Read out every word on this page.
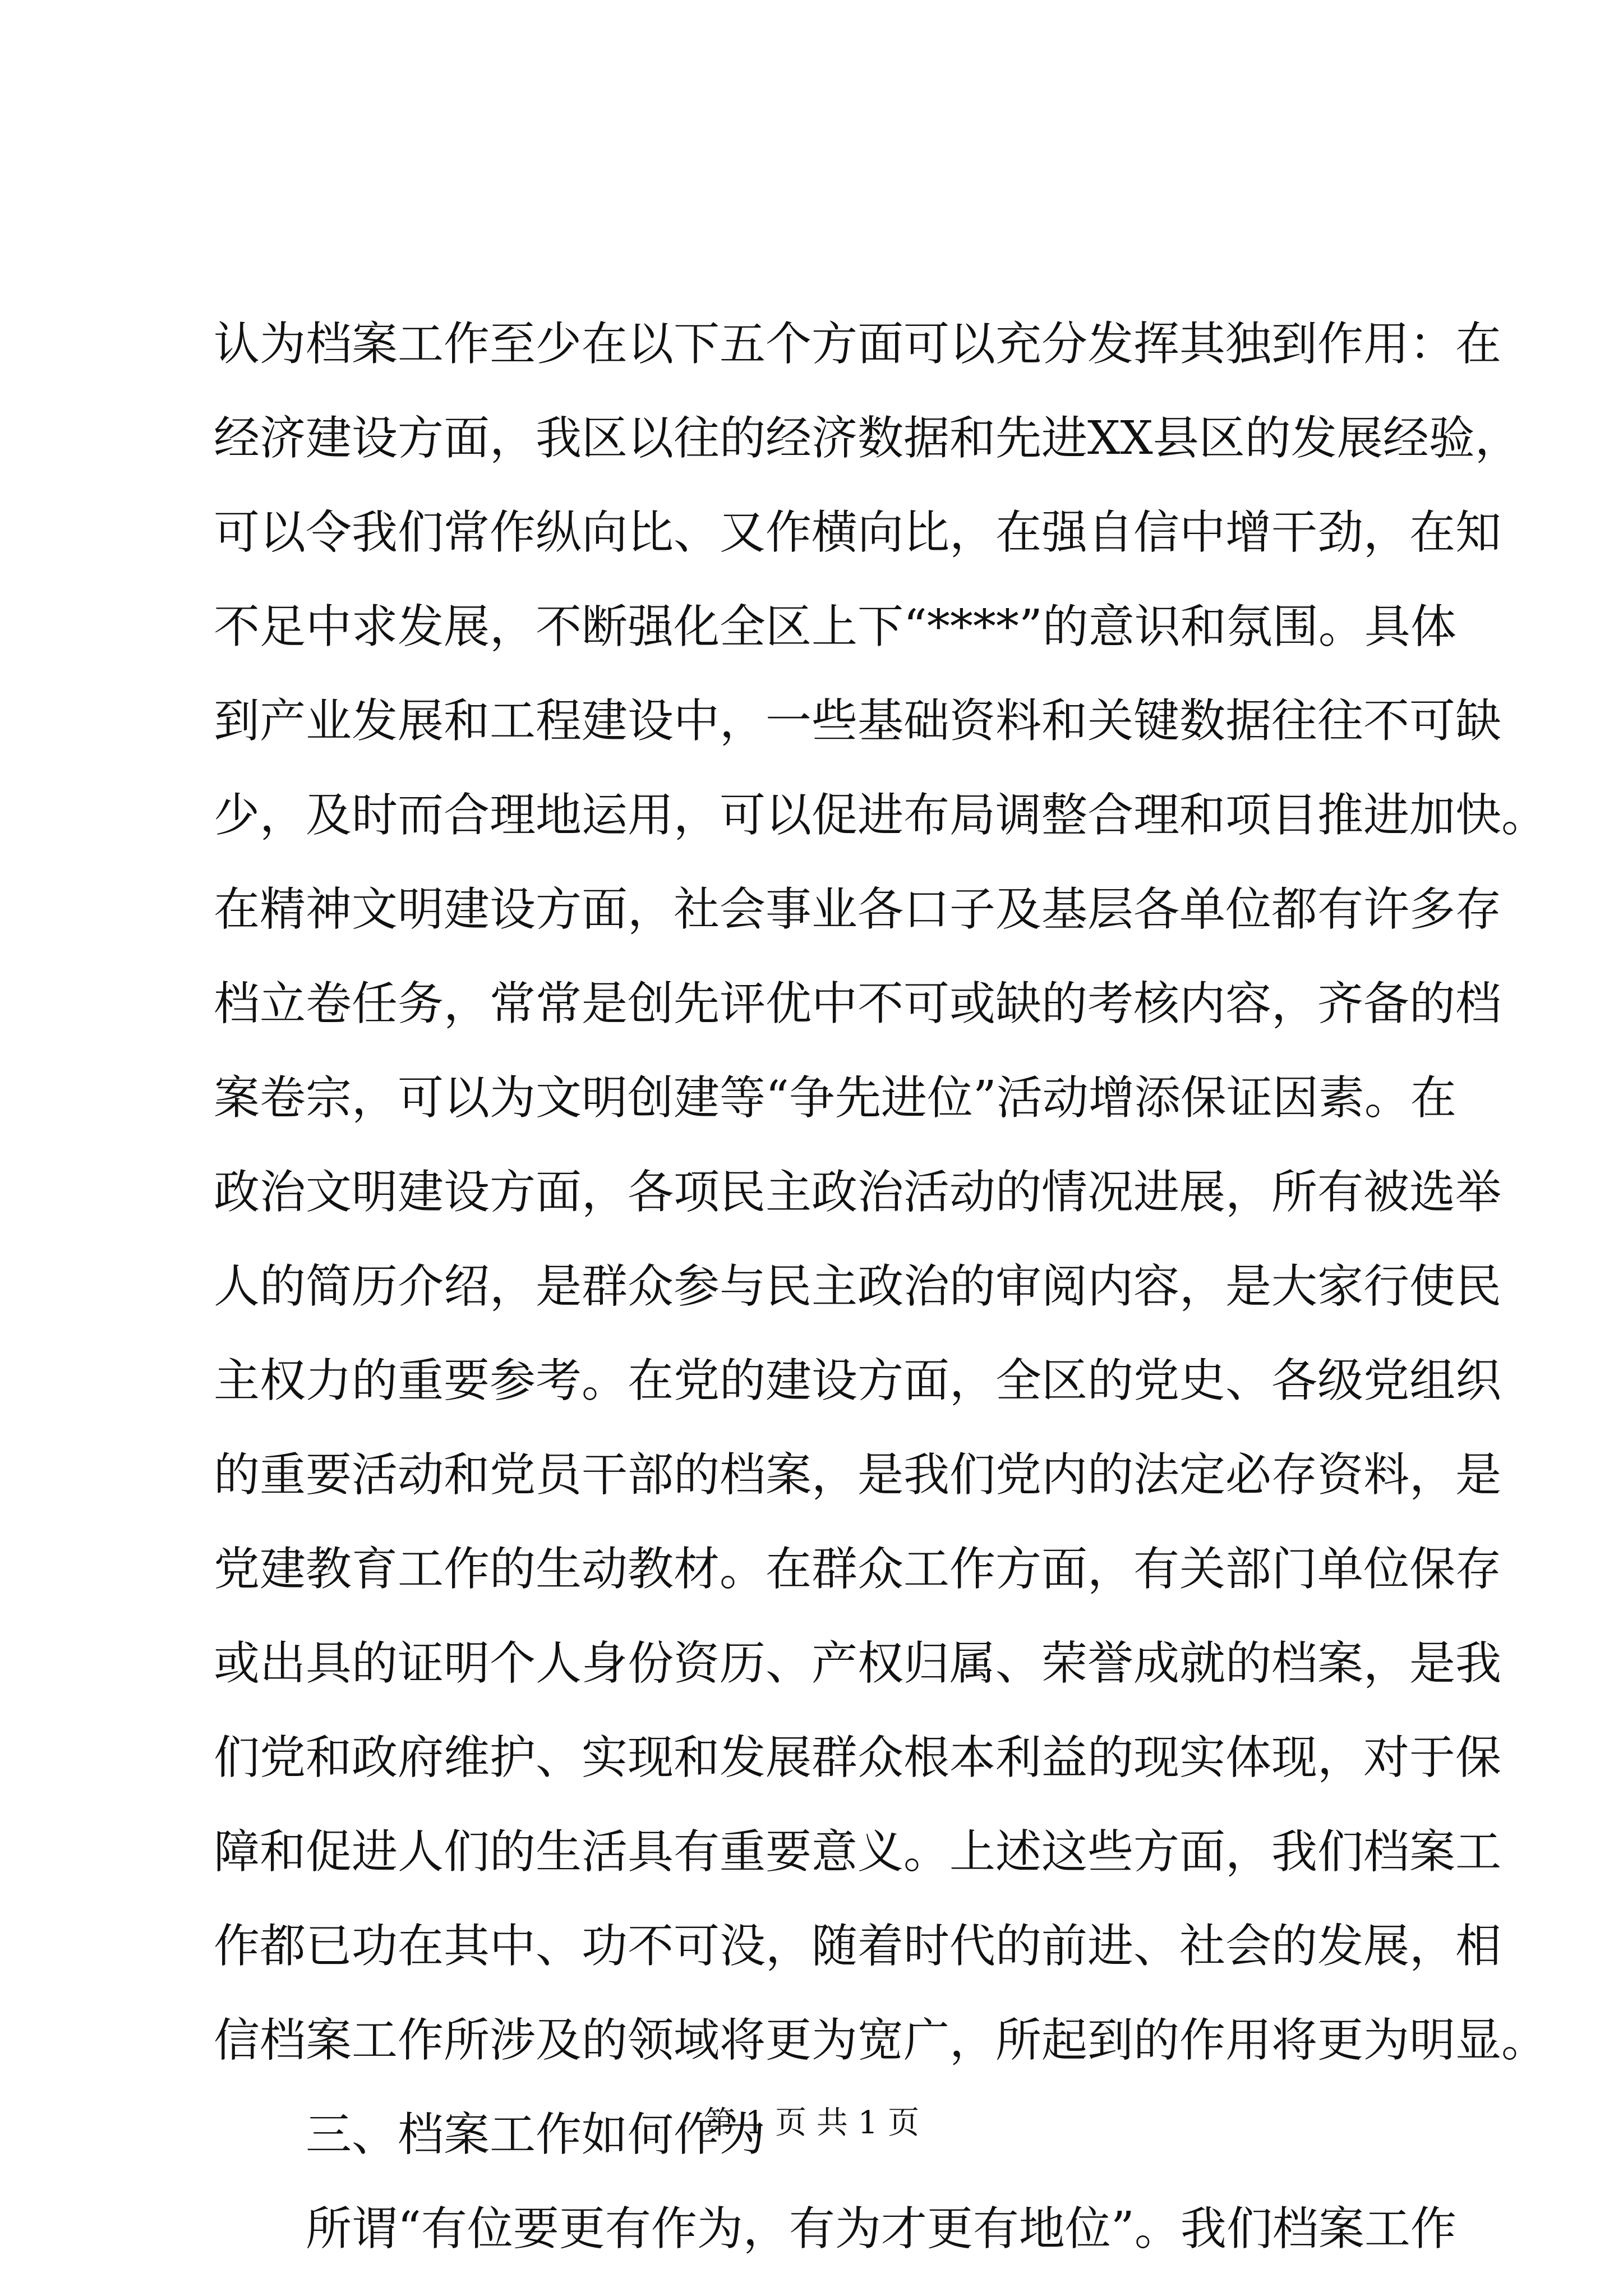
认为档案工作至少在以下五个方面可以充分发挥其独到作用：在
经济建设方面，我区以往的经济数据和先进XX县区的发展经验，
可以令我们常作纵向比、又作横向比，在强自信中增干劲，在知
不足中求发展，不断强化全区上下“****”的意识和氛围。具体
到产业发展和工程建设中，一些基础资料和关键数据往往不可缺
少，及时而合理地运用，可以促进布局调整合理和项目推进加快。
在精神文明建设方面，社会事业各口子及基层各单位都有许多存
档立卷任务，常常是创先评优中不可或缺的考核内容，齐备的档
案卷宗，可以为文明创建等“争先进位”活动增添保证因素。在
政治文明建设方面，各项民主政治活动的情况进展，所有被选举
人的简历介绍，是群众参与民主政治的审阅内容，是大家行使民
主权力的重要参考。在党的建设方面，全区的党史、各级党组织
的重要活动和党员干部的档案，是我们党内的法定必存资料，是
党建教育工作的生动教材。在群众工作方面，有关部门单位保存
或出具的证明个人身份资历、产权归属、荣誉成就的档案，是我
们党和政府维护、实现和发展群众根本利益的现实体现，对于保
障和促进人们的生活具有重要意义。上述这些方面，我们档案工
作都已功在其中、功不可没，随着时代的前进、社会的发展，相
信档案工作所涉及的领域将更为宽广，所起到的作用将更为明显。
三、档案工作如何作为
所谓“有位要更有作为，有为才更有地位”。我们档案工作
第 1 页 共 1 页
